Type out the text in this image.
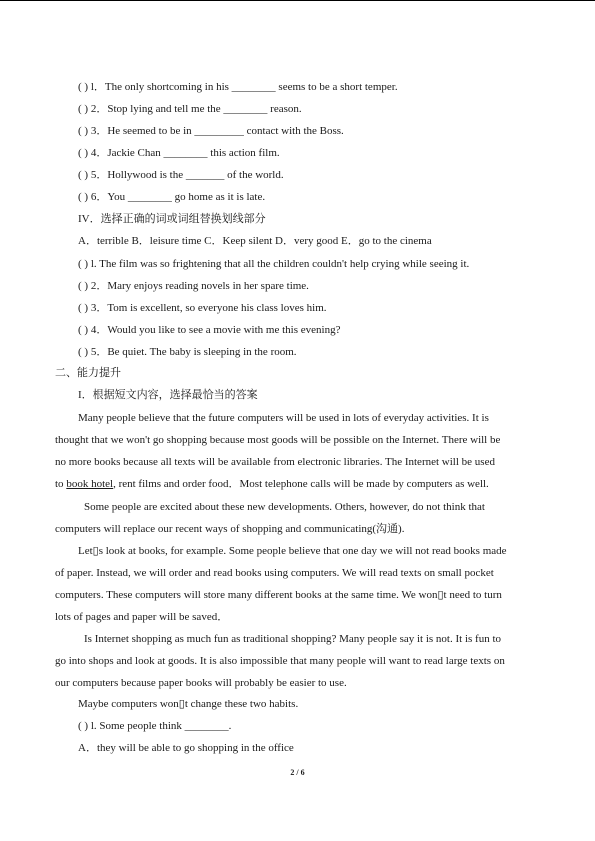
( ) l．The only shortcoming in his ________ seems to be a short temper.
( ) 2．Stop lying and tell me the ________ reason.
( ) 3．He seemed to be in _________ contact with the Boss.
( ) 4．Jackie Chan ________ this action film.
( ) 5．Hollywood is the _______ of the world.
( ) 6．You ________ go home as it is late.
IV．选择正确的词或词组替换划线部分
A．terrible B．leisure time C．Keep silent D．very good E．go to the cinema
( ) l. The film was so frightening that all the children couldn't help crying while seeing it.
( ) 2．Mary enjoys reading novels in her spare time.
( ) 3．Tom is excellent, so everyone his class loves him.
( ) 4．Would you like to see a movie with me this evening?
( ) 5．Be quiet. The baby is sleeping in the room.
二、能力提升
I．根据短文内容，选择最恰当的答案
Many people believe that the future computers will be used in lots of everyday activities. It is
thought that we won't go shopping because most goods will be possible on the Internet. There will be
no more books because all texts will be available from electronic libraries. The Internet will be used
to book hotel, rent films and order food．Most telephone calls will be made by computers as well.
Some people are excited about these new developments. Others, however, do not think that
computers will replace our recent ways of shopping and communicating(沟通).
Let▯s look at books, for example. Some people believe that one day we will not read books made
of paper. Instead, we will order and read books using computers. We will read texts on small pocket
computers. These computers will store many different books at the same time. We won▯t need to turn
lots of pages and paper will be saved．
Is Internet shopping as much fun as traditional shopping? Many people say it is not. It is fun to
go into shops and look at goods. It is also impossible that many people will want to read large texts on
our computers because paper books will probably be easier to use.
Maybe computers won▯t change these two habits.
( ) l. Some people think ________.
A．they will be able to go shopping in the office
2 / 6
